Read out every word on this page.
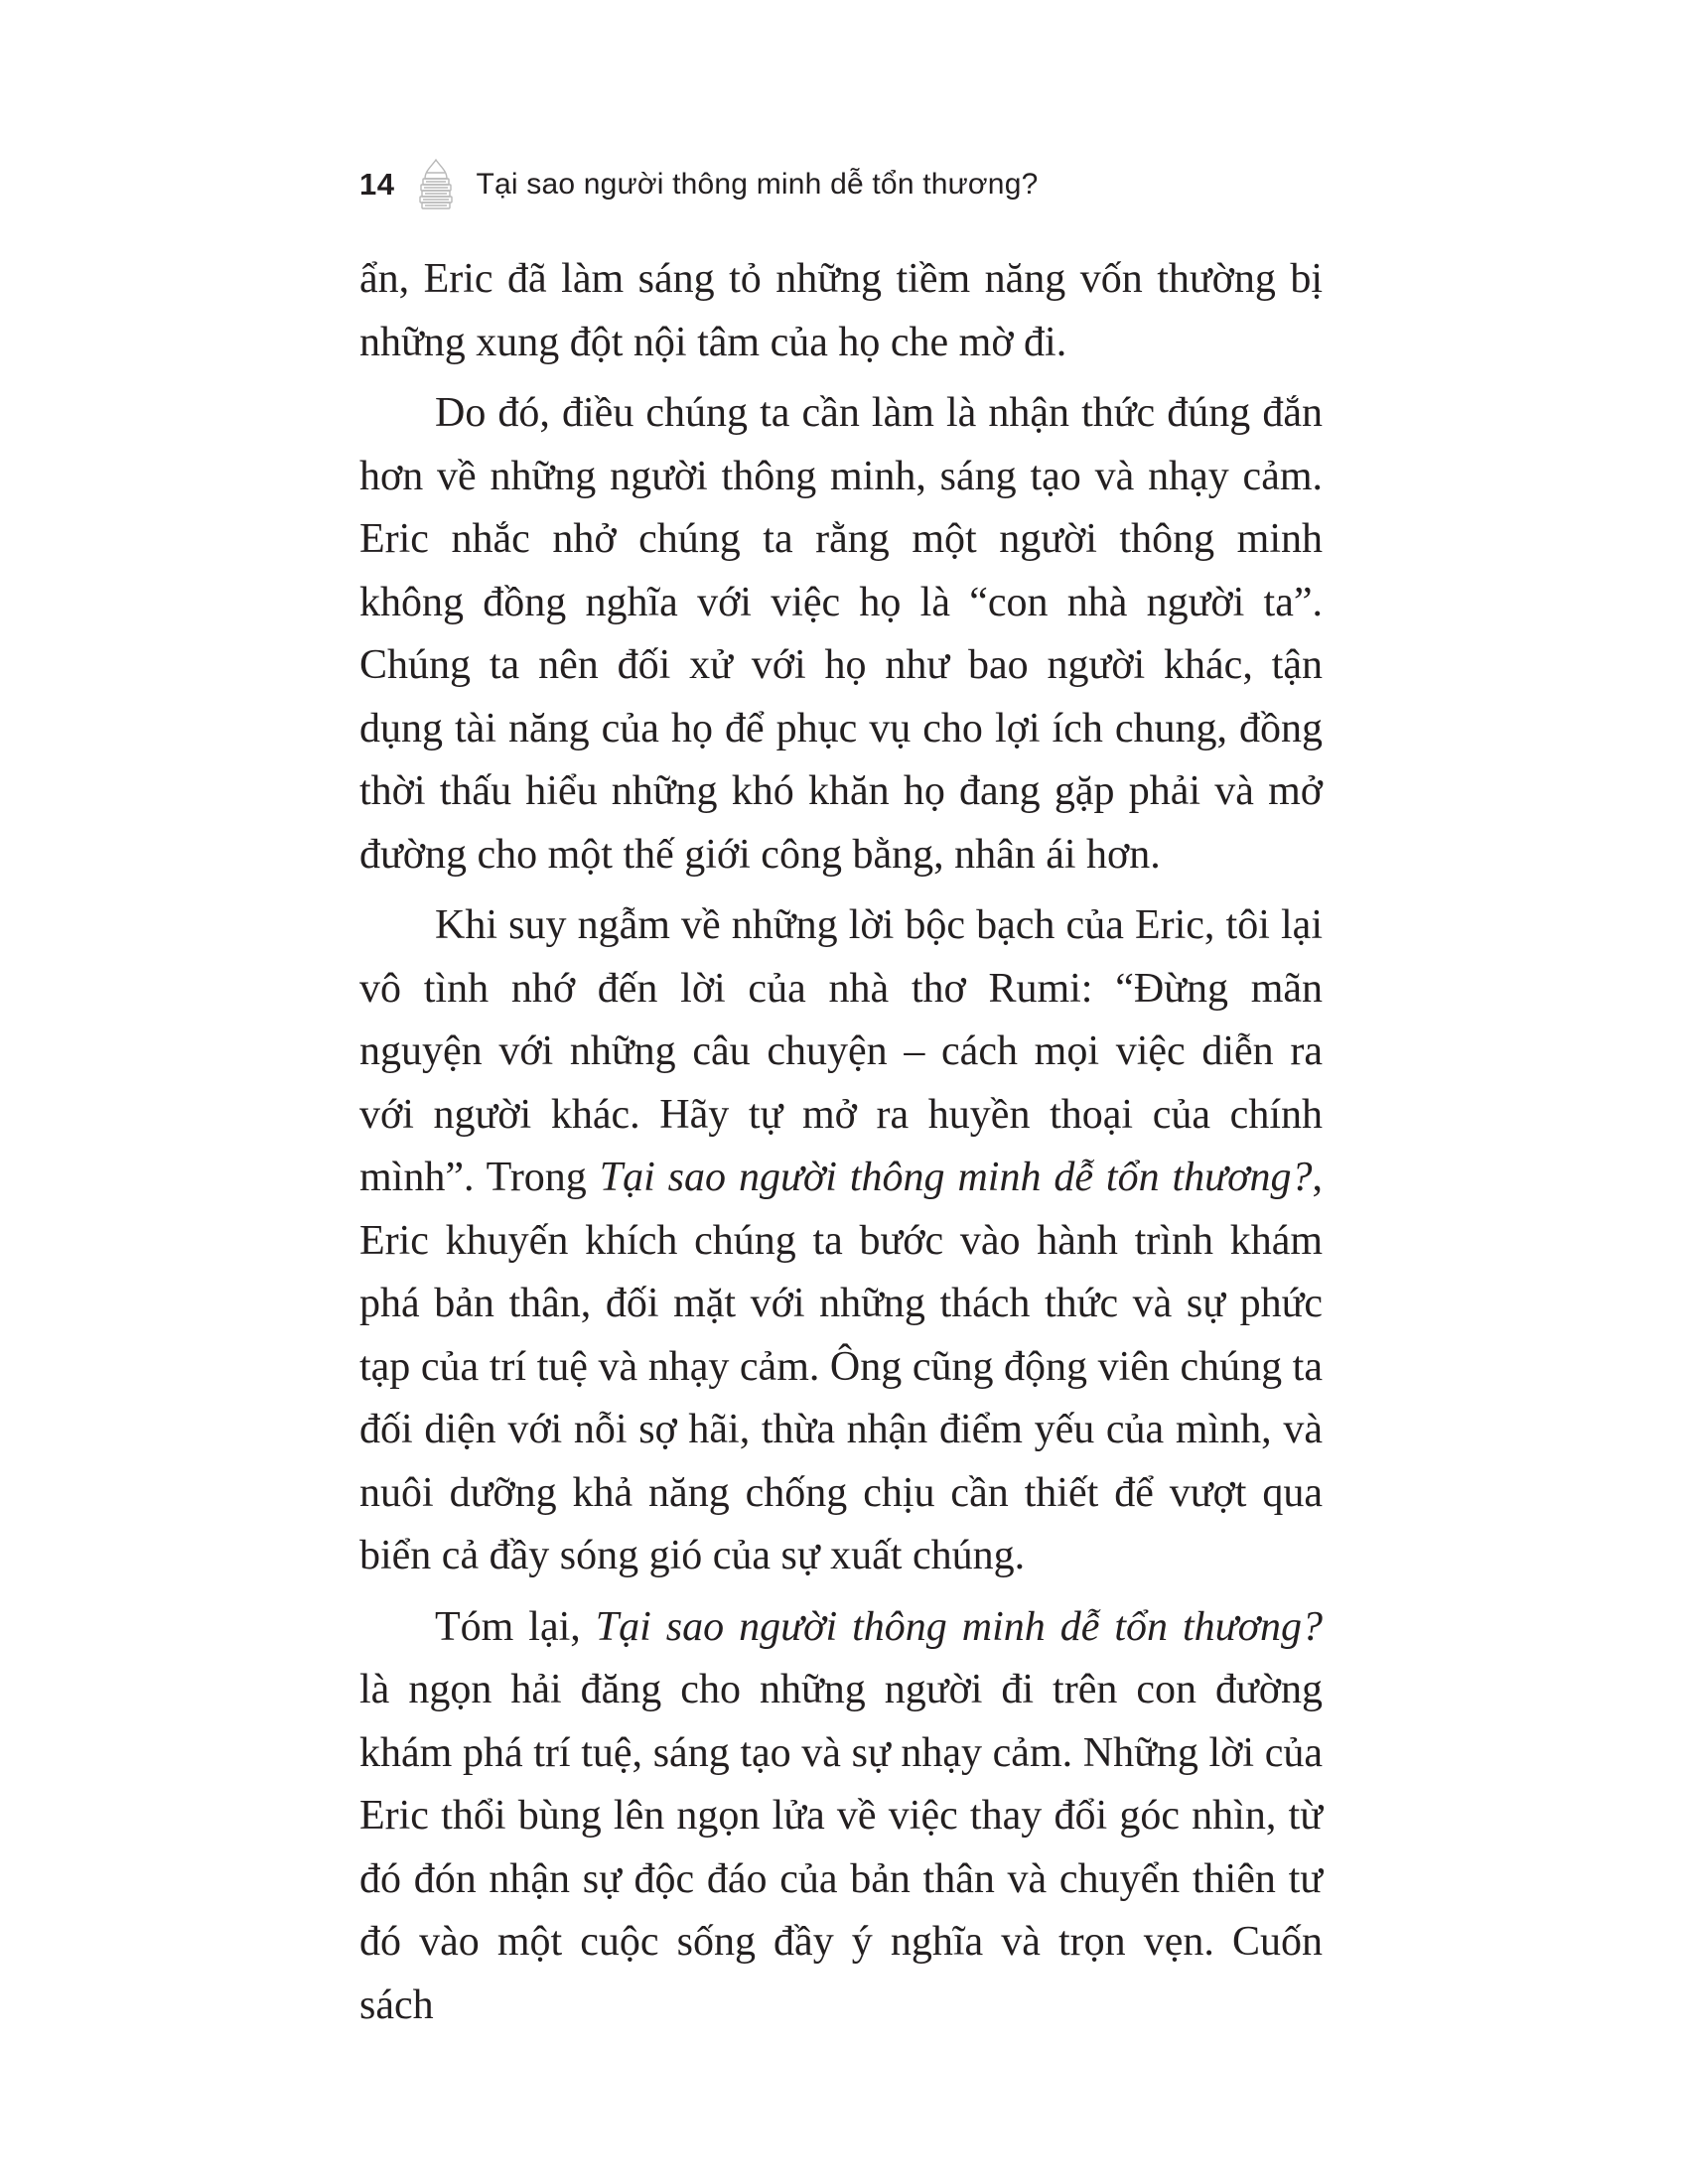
14	Tại sao người thông minh dễ tổn thương?

ẩn, Eric đã làm sáng tỏ những tiềm năng vốn thường bị những xung đột nội tâm của họ che mờ đi.

Do đó, điều chúng ta cần làm là nhận thức đúng đắn hơn về những người thông minh, sáng tạo và nhạy cảm. Eric nhắc nhở chúng ta rằng một người thông minh không đồng nghĩa với việc họ là “con nhà người ta”. Chúng ta nên đối xử với họ như bao người khác, tận dụng tài năng của họ để phục vụ cho lợi ích chung, đồng thời thấu hiểu những khó khăn họ đang gặp phải và mở đường cho một thế giới công bằng, nhân ái hơn.

Khi suy ngẫm về những lời bộc bạch của Eric, tôi lại vô tình nhớ đến lời của nhà thơ Rumi: “Đừng mãn nguyện với những câu chuyện – cách mọi việc diễn ra với người khác. Hãy tự mở ra huyền thoại của chính mình”. Trong Tại sao người thông minh dễ tổn thương?, Eric khuyến khích chúng ta bước vào hành trình khám phá bản thân, đối mặt với những thách thức và sự phức tạp của trí tuệ và nhạy cảm. Ông cũng động viên chúng ta đối diện với nỗi sợ hãi, thừa nhận điểm yếu của mình, và nuôi dưỡng khả năng chống chịu cần thiết để vượt qua biển cả đầy sóng gió của sự xuất chúng.

Tóm lại, Tại sao người thông minh dễ tổn thương? là ngọn hải đăng cho những người đi trên con đường khám phá trí tuệ, sáng tạo và sự nhạy cảm. Những lời của Eric thổi bùng lên ngọn lửa về việc thay đổi góc nhìn, từ đó đón nhận sự độc đáo của bản thân và chuyển thiên tư đó vào một cuộc sống đầy ý nghĩa và trọn vẹn. Cuốn sách
